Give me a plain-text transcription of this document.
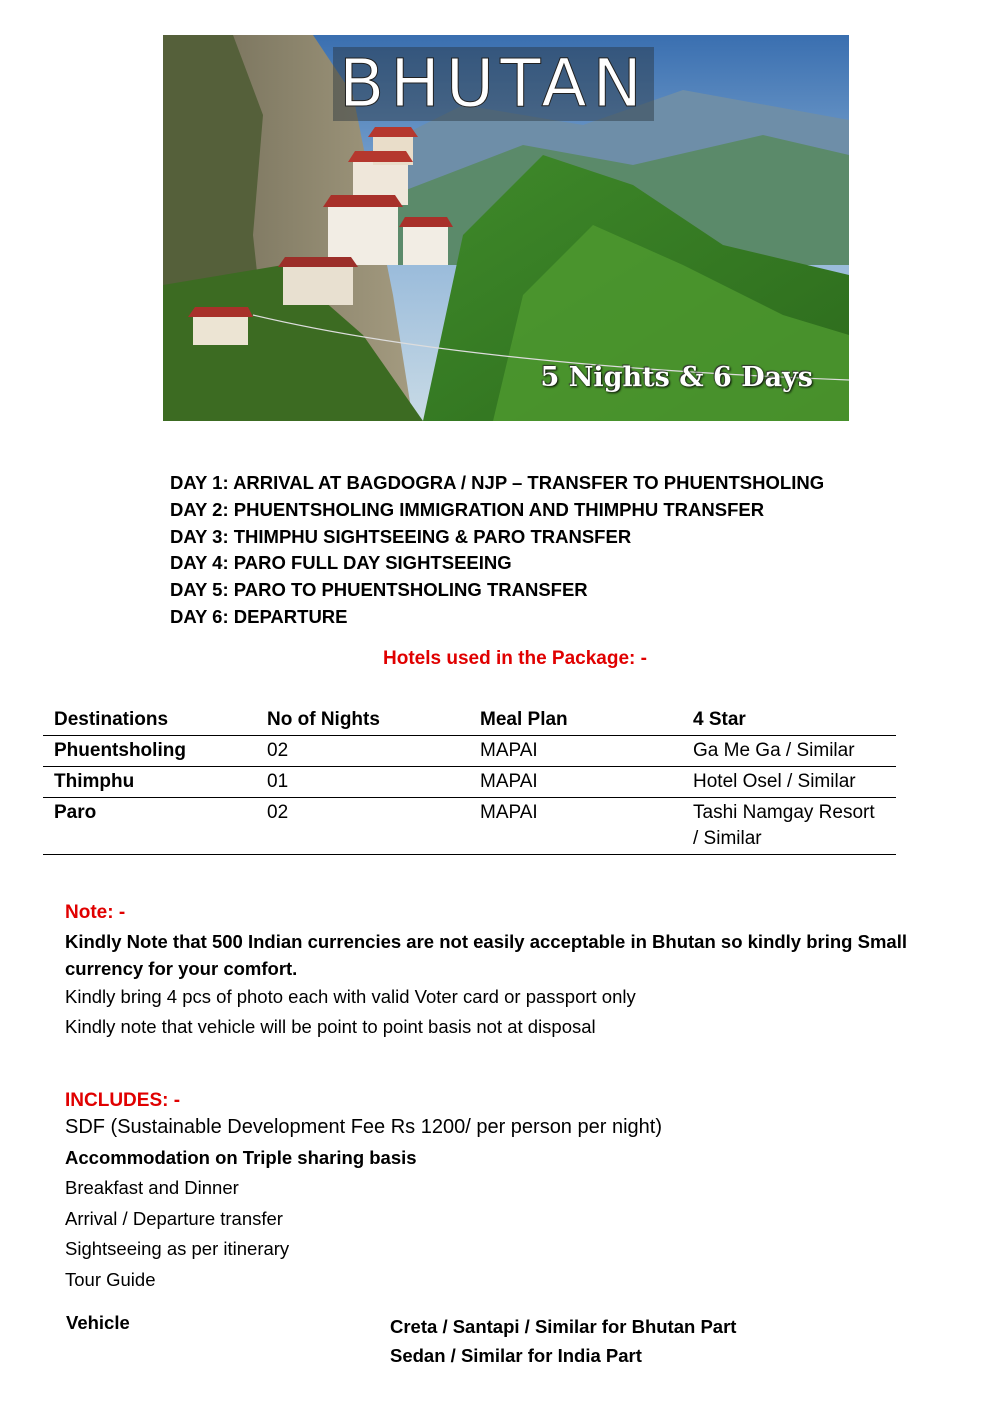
BHUTAN
5 Nights & 6 Days
DAY 1: ARRIVAL AT BAGDOGRA / NJP – TRANSFER TO PHUENTSHOLING
DAY 2: PHUENTSHOLING IMMIGRATION AND THIMPHU TRANSFER
DAY 3: THIMPHU SIGHTSEEING & PARO TRANSFER
DAY 4: PARO FULL DAY SIGHTSEEING
DAY 5: PARO TO PHUENTSHOLING TRANSFER
DAY 6: DEPARTURE
Hotels used in the Package: -
Destinations	No of Nights	Meal Plan	4 Star
Phuentsholing	02	MAPAI	Ga Me Ga / Similar
Thimphu	01	MAPAI	Hotel Osel / Similar
Paro	02	MAPAI	Tashi Namgay Resort / Similar
Note: -
Kindly Note that 500 Indian currencies are not easily acceptable in Bhutan so kindly bring Small currency for your comfort.
Kindly bring 4 pcs of photo each with valid Voter card or passport only
Kindly note that vehicle will be point to point basis not at disposal
INCLUDES: -
SDF (Sustainable Development Fee Rs 1200/ per person per night)
Accommodation on Triple sharing basis
Breakfast and Dinner
Arrival / Departure transfer
Sightseeing as per itinerary
Tour Guide
Vehicle	Creta / Santapi / Similar for Bhutan Part
Sedan / Similar for India Part
